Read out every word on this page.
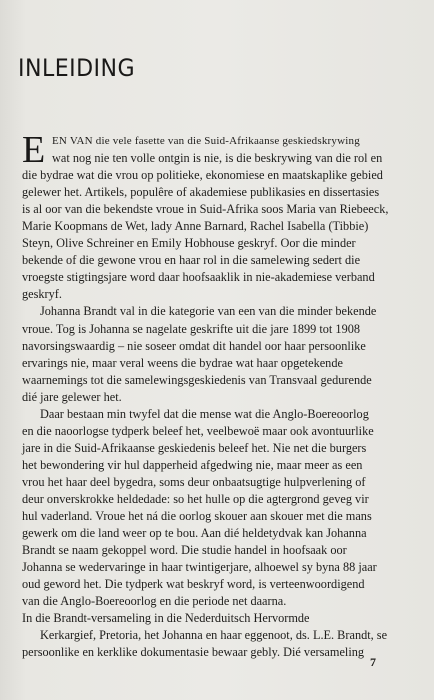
INLEIDING
E EN VAN die vele fasette van die Suid-Afrikaanse geskiedskrywing
wat nog nie ten volle ontgin is nie, is die beskrywing van die rol en
die bydrae wat die vrou op politieke, ekonomiese en maatskaplike gebied
gelewer het. Artikels, populêre of akademiese publikasies en dissertasies
is al oor van die bekendste vroue in Suid-Afrika soos Maria van Riebeeck,
Marie Koopmans de Wet, lady Anne Barnard, Rachel Isabella (Tibbie)
Steyn, Olive Schreiner en Emily Hobhouse geskryf. Oor die minder
bekende of die gewone vrou en haar rol in die samelewing sedert die
vroegste stigtingsjare word daar hoofsaaklik in nie-akademiese verband
geskryf.
Johanna Brandt val in die kategorie van een van die minder bekende
vroue. Tog is Johanna se nagelate geskrifte uit die jare 1899 tot 1908
navorsingswaardig – nie soseer omdat dit handel oor haar persoonlike
ervarings nie, maar veral weens die bydrae wat haar opgetekende
waarnemings tot die samelewingsgeskiedenis van Transvaal gedurende
dié jare gelewer het.
Daar bestaan min twyfel dat die mense wat die Anglo-Boereoorlog
en die naoorlogse tydperk beleef het, veelbewoë maar ook avontuurlike
jare in die Suid-Afrikaanse geskiedenis beleef het. Nie net die burgers
het bewondering vir hul dapperheid afgedwing nie, maar meer as een
vrou het haar deel bygedra, soms deur onbaatsugtige hulpverlening of
deur onverskrokke heldedade: so het hulle op die agtergrond geveg vir
hul vaderland. Vroue het ná die oorlog skouer aan skouer met die mans
gewerk om die land weer op te bou. Aan dié heldetydvak kan Johanna
Brandt se naam gekoppel word. Die studie handel in hoofsaak oor
Johanna se wedervaringe in haar twintigerjare, alhoewel sy byna 88 jaar
oud geword het. Die tydperk wat beskryf word, is verteenwoordigend
van die Anglo-Boereoorlog en die periode net daarna.
In die Brandt-versameling in die Nederduitsch Hervormde
Kerkargief, Pretoria, het Johanna en haar eggenoot, ds. L.E. Brandt, se
persoonlike en kerklike dokumentasie bewaar gebly. Dié versameling
7
